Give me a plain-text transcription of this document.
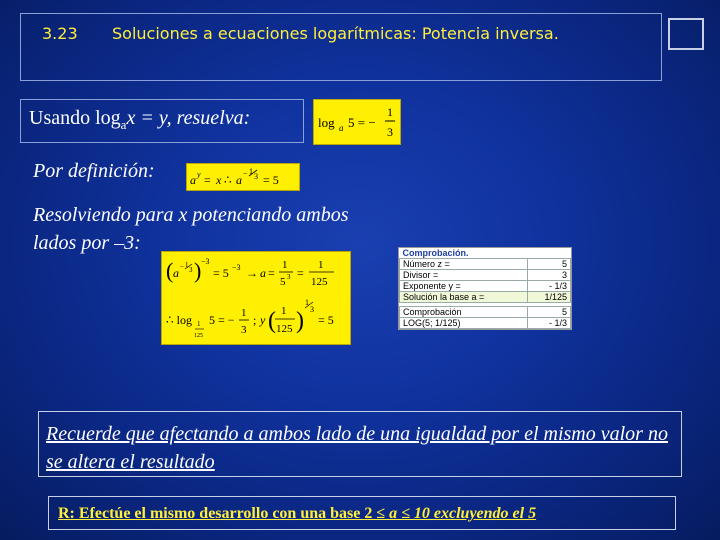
3.23 Soluciones a ecuaciones logarítmicas: Potencia inversa.
Usando $\log_ax = y$, resuelva:	log a 5 = −
1
3
Por definición:	a y = x ∴ a − 1
3 = 5
Resolviendo para x potenciando ambos
lados por –3:
( a − 1
3 ) −3
= 5 −3 → a =
1
5 3 =
1
125
∴ log 1
125
5 = − 1
3
; y ( 1
125 )
1
3
= 5
Comprobación.	
Número z =	5
Divisor =	3
Exponente y =	- 1/3
Solución la base a =	1/125

Comprobación	5
LOG(5; 1/125)	- 1/3
Recuerde que afectando a ambos lado de una igualdad por el mismo valor no se altera el resultado
R: Efectúe el mismo desarrollo con una base 2 ≤ a ≤ 10 excluyendo el 5
